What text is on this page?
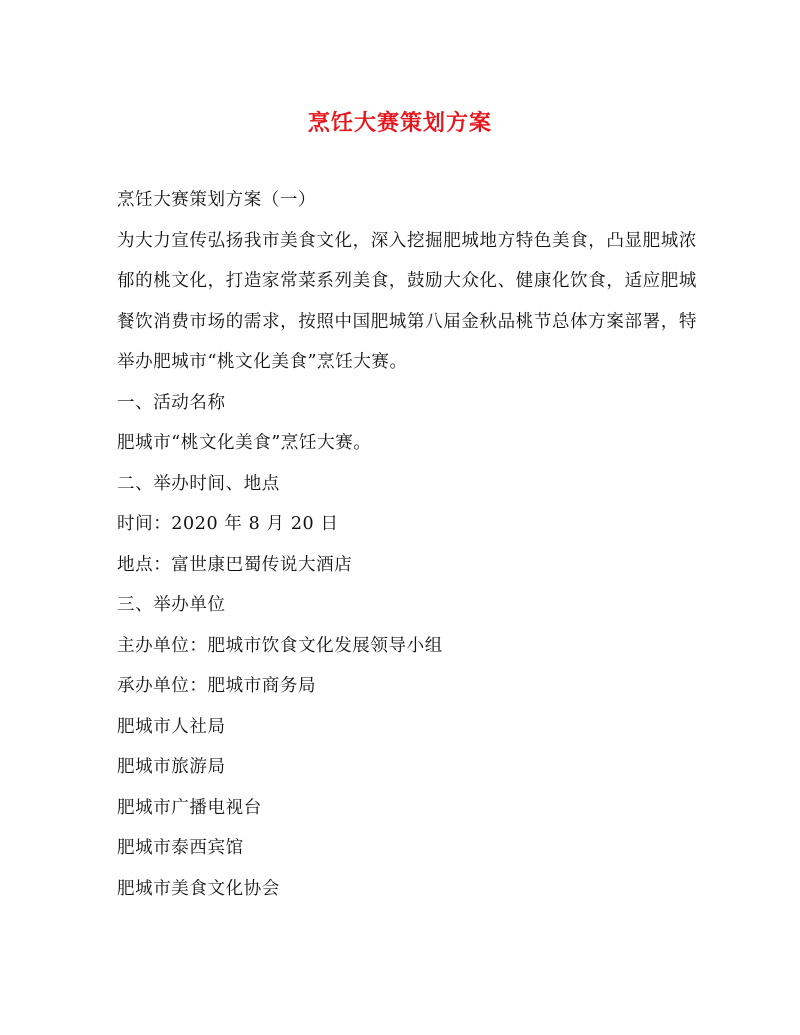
烹饪大赛策划方案

烹饪大赛策划方案（一）

为大力宣传弘扬我市美食文化，深入挖掘肥城地方特色美食，凸显肥城浓郁的桃文化，打造家常菜系列美食，鼓励大众化、健康化饮食，适应肥城餐饮消费市场的需求，按照中国肥城第八届金秋品桃节总体方案部署，特举办肥城市“桃文化美食”烹饪大赛。

一、活动名称

肥城市“桃文化美食”烹饪大赛。

二、举办时间、地点

时间：2020 年 8 月 20 日

地点：富世康巴蜀传说大酒店

三、举办单位

主办单位：肥城市饮食文化发展领导小组

承办单位：肥城市商务局

肥城市人社局

肥城市旅游局

肥城市广播电视台

肥城市泰西宾馆

肥城市美食文化协会
